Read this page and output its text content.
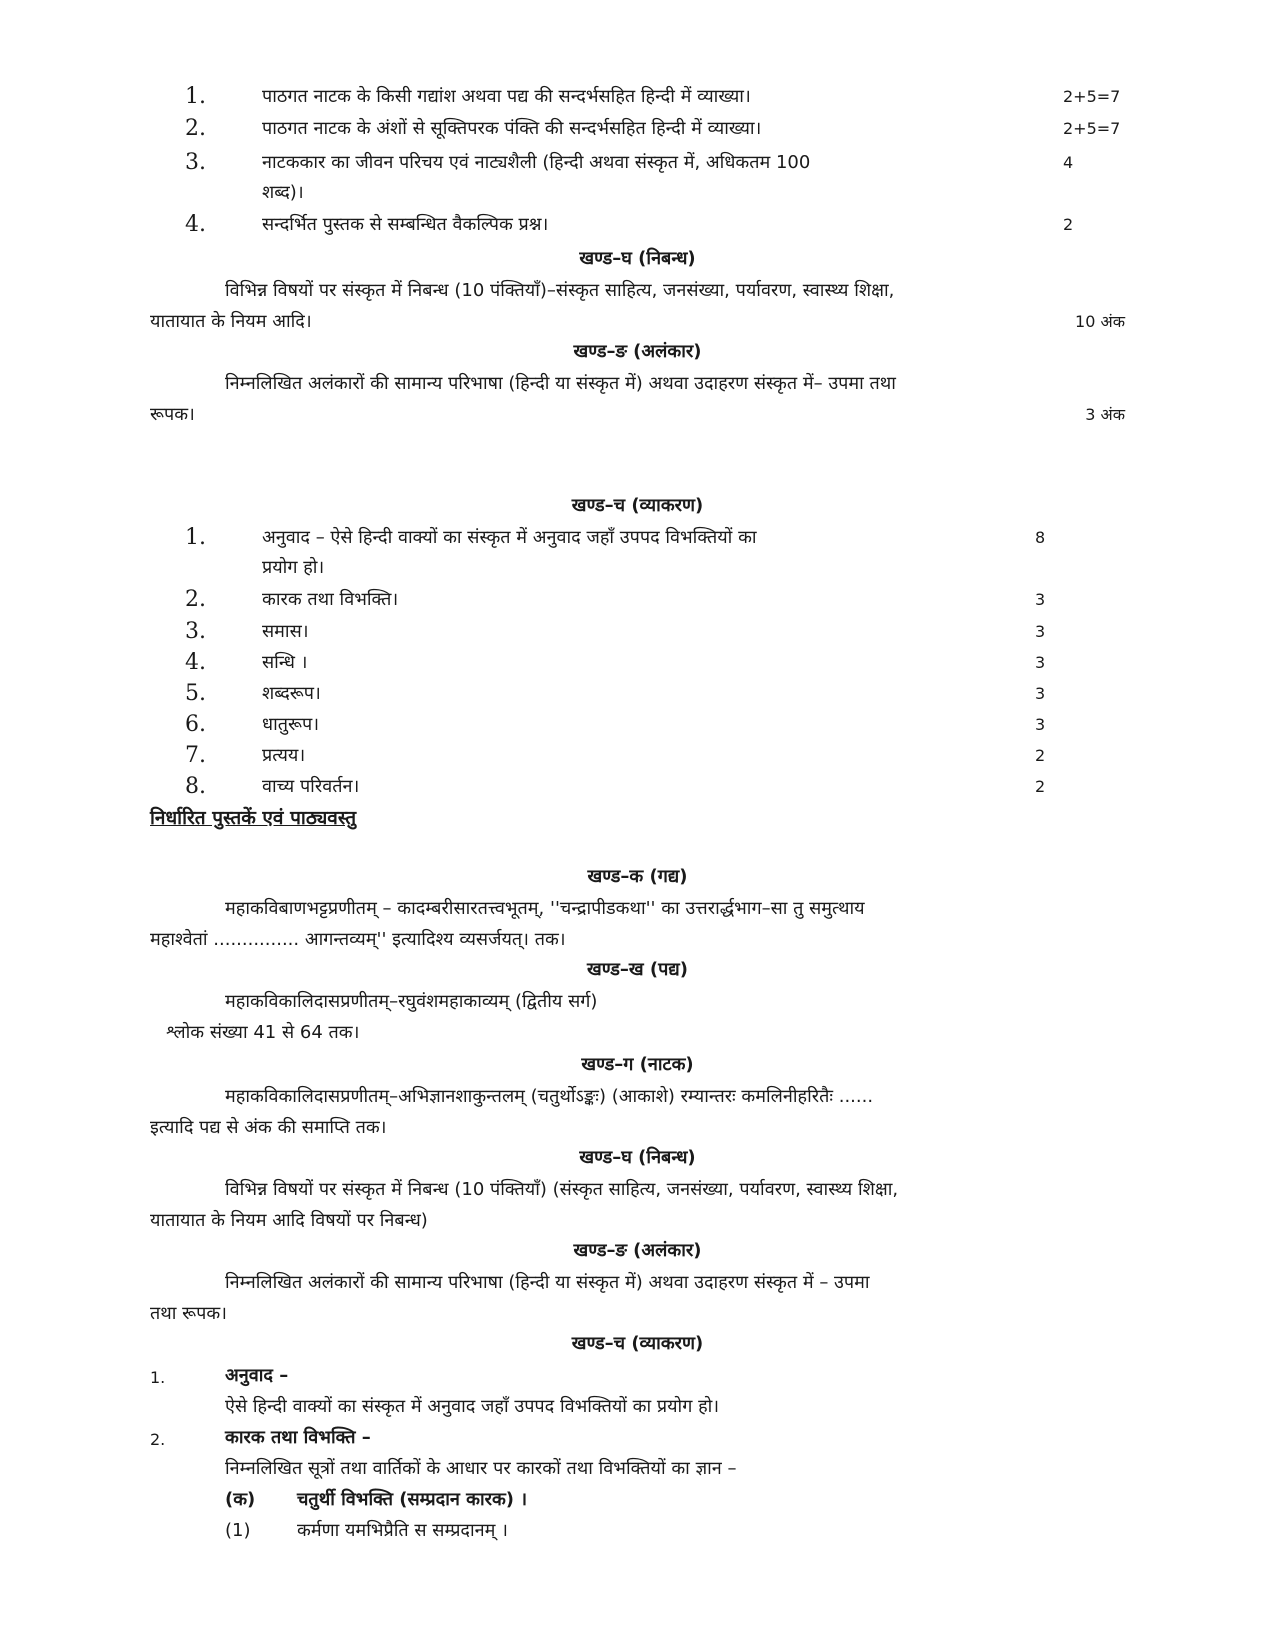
1.	पाठगत नाटक के किसी गद्यांश अथवा पद्य की सन्दर्भसहित हिन्दी में व्याख्या।	2+5=7
2.	पाठगत नाटक के अंशों से सूक्तिपरक पंक्ति की सन्दर्भसहित हिन्दी में व्याख्या।	2+5=7
3.	नाटककार का जीवन परिचय एवं नाट्यशैली (हिन्दी अथवा संस्कृत में, अधिकतम 100	4
शब्द)।
4.	सन्दर्भित पुस्तक से सम्बन्धित वैकल्पिक प्रश्न।	2
खण्ड–घ (निबन्ध)
विभिन्न विषयों पर संस्कृत में निबन्ध (10 पंक्तियाँ)–संस्कृत साहित्य, जनसंख्या, पर्यावरण, स्वास्थ्य शिक्षा,
यातायात के नियम आदि।	10 अंक
खण्ड–ङ (अलंकार)
निम्नलिखित अलंकारों की सामान्य परिभाषा (हिन्दी या संस्कृत में) अथवा उदाहरण संस्कृत में– उपमा तथा
रूपक।	3 अंक
खण्ड–च (व्याकरण)
1.	अनुवाद – ऐसे हिन्दी वाक्यों का संस्कृत में अनुवाद जहाँ उपपद विभक्तियों का	8
प्रयोग हो।
2.	कारक तथा विभक्ति।	3
3.	समास।	3
4.	सन्धि ।	3
5.	शब्दरूप।	3
6.	धातुरूप।	3
7.	प्रत्यय।	2
8.	वाच्य परिवर्तन।	2
निर्धारित पुस्तकें एवं पाठ्यवस्तु
खण्ड–क (गद्य)
महाकविबाणभट्टप्रणीतम् – कादम्बरीसारतत्त्वभूतम्, ''चन्द्रापीडकथा'' का उत्तरार्द्धभाग–सा तु समुत्थाय
महाश्वेतां ............... आगन्तव्यम्'' इत्यादिश्य व्यसर्जयत्। तक।
खण्ड–ख (पद्य)
महाकविकालिदासप्रणीतम्–रघुवंशमहाकाव्यम् (द्वितीय सर्ग)
श्लोक संख्या 41 से 64 तक।
खण्ड–ग (नाटक)
महाकविकालिदासप्रणीतम्–अभिज्ञानशाकुन्तलम् (चतुर्थोऽङ्कः) (आकाशे) रम्यान्तरः कमलिनीहरितैः ......
इत्यादि पद्य से अंक की समाप्ति तक।
खण्ड–घ (निबन्ध)
विभिन्न विषयों पर संस्कृत में निबन्ध (10 पंक्तियाँ) (संस्कृत साहित्य, जनसंख्या, पर्यावरण, स्वास्थ्य शिक्षा,
यातायात के नियम आदि विषयों पर निबन्ध)
खण्ड–ङ (अलंकार)
निम्नलिखित अलंकारों की सामान्य परिभाषा (हिन्दी या संस्कृत में) अथवा उदाहरण संस्कृत में – उपमा
तथा रूपक।
खण्ड–च (व्याकरण)
1.	अनुवाद –
ऐसे हिन्दी वाक्यों का संस्कृत में अनुवाद जहाँ उपपद विभक्तियों का प्रयोग हो।
2.	कारक तथा विभक्ति –
निम्नलिखित सूत्रों तथा वार्तिकों के आधार पर कारकों तथा विभक्तियों का ज्ञान –
(क) चतुर्थी विभक्ति (सम्प्रदान कारक) ।
(1)	कर्मणा यमभिप्रैति स सम्प्रदानम् ।
